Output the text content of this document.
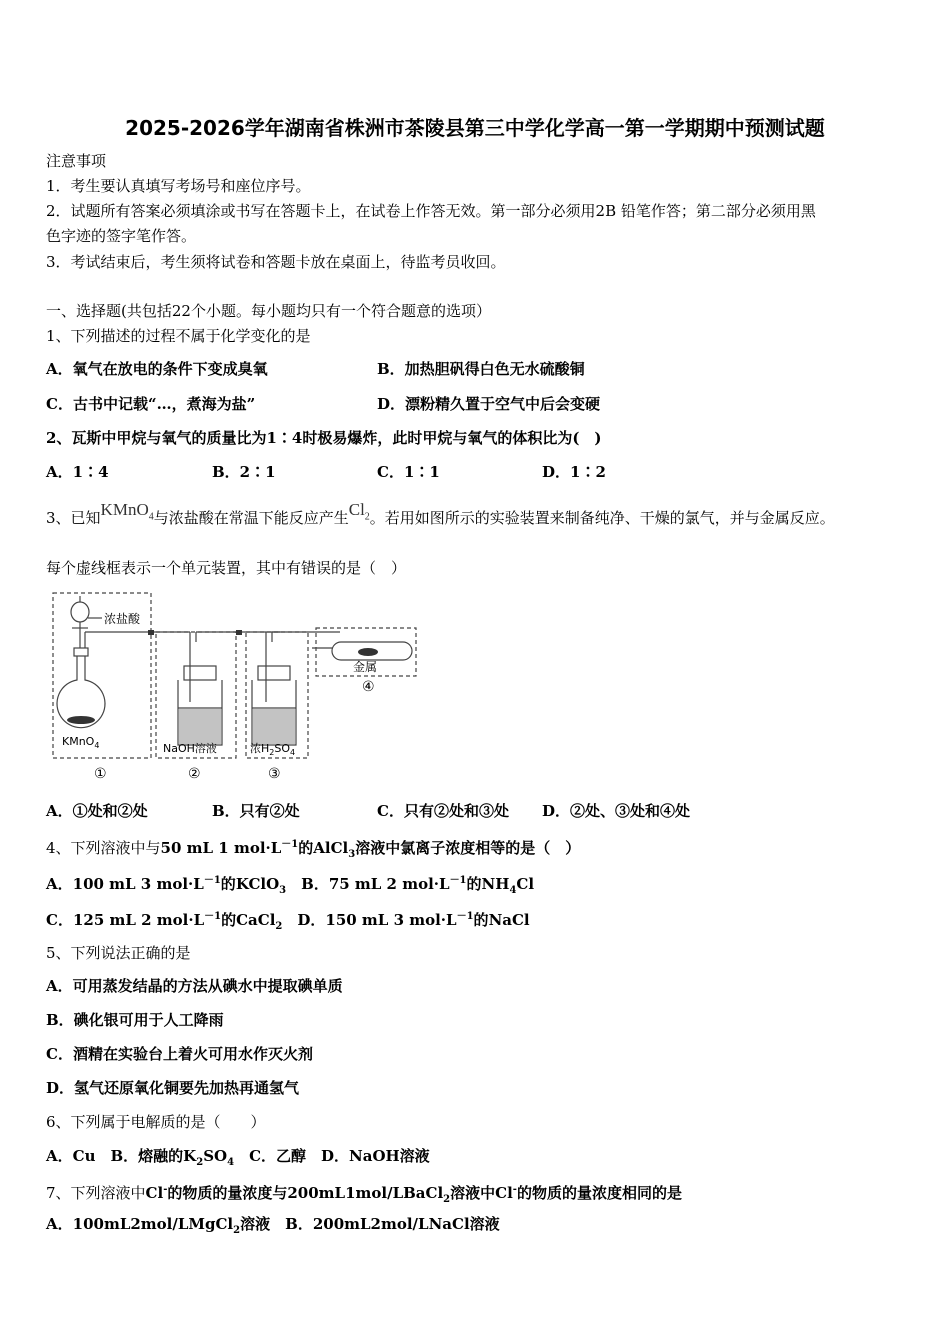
2025-2026学年湖南省株洲市茶陵县第三中学化学高一第一学期期中预测试题
注意事项
1．考生要认真填写考场号和座位序号。
2．试题所有答案必须填涂或书写在答题卡上，在试卷上作答无效。第一部分必须用2B 铅笔作答；第二部分必须用黑
色字迹的签字笔作答。
3．考试结束后，考生须将试卷和答题卡放在桌面上，待监考员收回。
一、选择题(共包括22个小题。每小题均只有一个符合题意的选项）
1、下列描述的过程不属于化学变化的是
A．氧气在放电的条件下变成臭氧	B．加热胆矾得白色无水硫酸铜
C．古书中记载“…，煮海为盐”	D．漂粉精久置于空气中后会变硬
2、瓦斯中甲烷与氧气的质量比为1∶4时极易爆炸，此时甲烷与氧气的体积比为(　)
A．1∶4	B．2∶1	C．1∶1	D．1∶2
3、已知KMnO$_4$与浓盐酸在常温下能反应产生$Cl_2$。若用如图所示的实验装置来制备纯净、干燥的氯气，并与金属反应。
每个虚线框表示一个单元装置，其中有错误的是（　）
浓盐酸
KMnO$_4$	NaOH溶液	浓$H_2SO_4$
金属
①	②	③
④
A．①处和②处	B．只有②处	C．只有②处和③处 D．②处、③处和④处
4、下列溶液中与50 mL 1 $mol\cdot L^{-1}$的AlCl$_3$溶液中氯离子浓度相等的是（　）
A．100 mL 3 $mol\cdot L^{-1}$的KClO$_3$　 B．75 mL 2 $mol\cdot L^{-1}$的$NH_4Cl$
C．125 mL 2 $mol\cdot L^{-1}$的CaCl$_2$　 D．150 mL 3 $mol\cdot L^{-1}$的NaCl
5、下列说法正确的是
A．可用蒸发结晶的方法从碘水中提取碘单质
B．碘化银可用于人工降雨
C．酒精在实验台上着火可用水作灭火剂
D．氢气还原氧化铜要先加热再通氢气
6、下列属于电解质的是（　　）
A．Cu　B．熔融的$K_2SO_4$　C．乙醇　D．NaOH溶液
7、下列溶液中Cl-的物质的量浓度与200mL1mol/LBaCl$_2$溶液中Cl-的物质的量浓度相同的是
A．100mL2mol/LMgCl$_2$溶液　 B．200mL2mol/LNaCl溶液
